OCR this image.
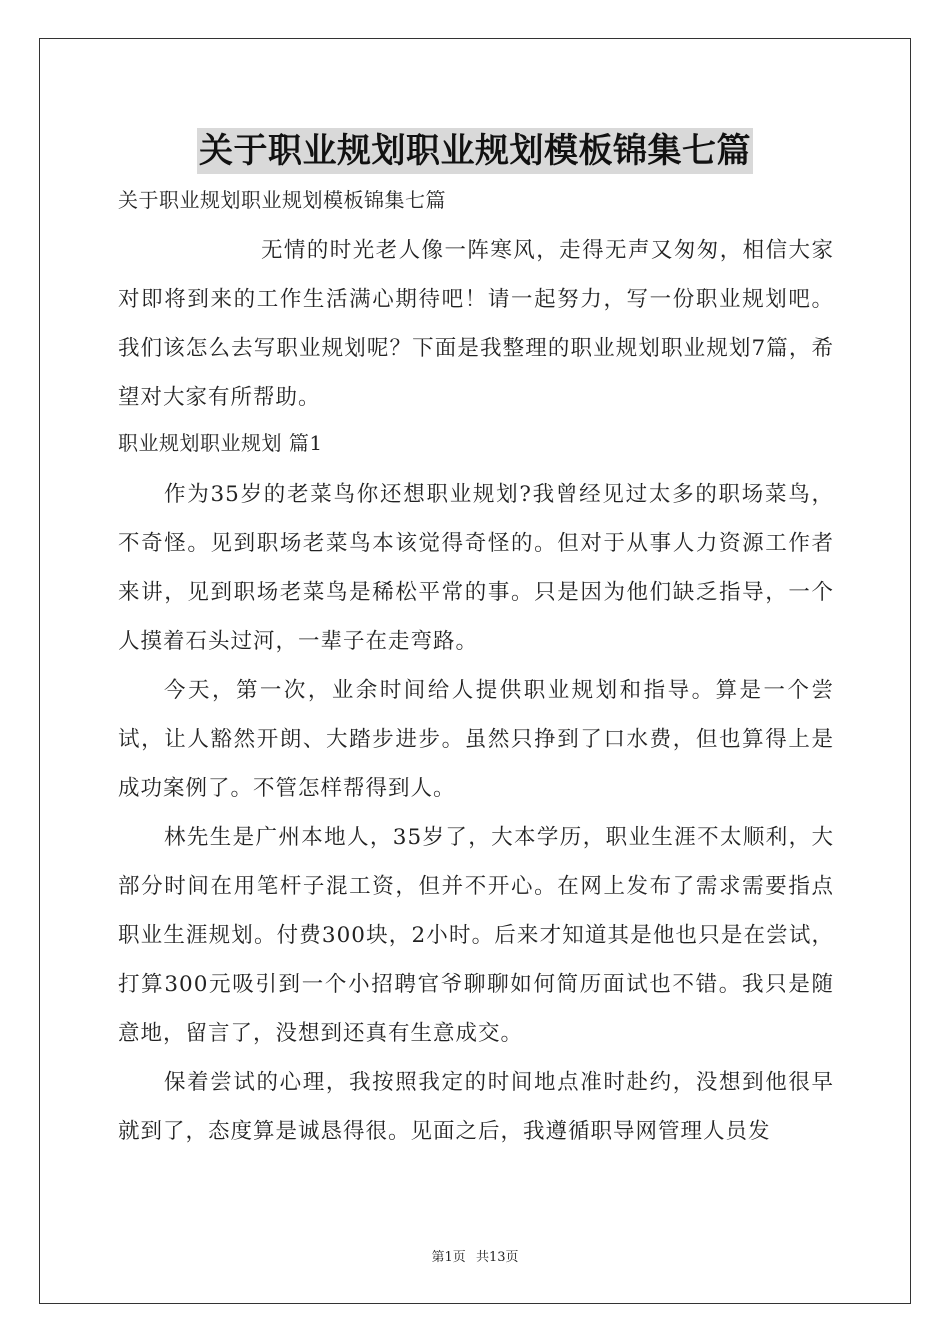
关于职业规划职业规划模板锦集七篇

关于职业规划职业规划模板锦集七篇

无情的时光老人像一阵寒风，走得无声又匆匆，相信大家对即将到来的工作生活满心期待吧！请一起努力，写一份职业规划吧。我们该怎么去写职业规划呢？下面是我整理的职业规划职业规划7篇，希望对大家有所帮助。

职业规划职业规划 篇1

作为35岁的老菜鸟你还想职业规划?我曾经见过太多的职场菜鸟，不奇怪。见到职场老菜鸟本该觉得奇怪的。但对于从事人力资源工作者来讲，见到职场老菜鸟是稀松平常的事。只是因为他们缺乏指导，一个人摸着石头过河，一辈子在走弯路。

今天，第一次，业余时间给人提供职业规划和指导。算是一个尝试，让人豁然开朗、大踏步进步。虽然只挣到了口水费，但也算得上是成功案例了。不管怎样帮得到人。

林先生是广州本地人，35岁了，大本学历，职业生涯不太顺利，大部分时间在用笔杆子混工资，但并不开心。在网上发布了需求需要指点职业生涯规划。付费300块，2小时。后来才知道其是他也只是在尝试，打算300元吸引到一个小招聘官爷聊聊如何简历面试也不错。我只是随意地，留言了，没想到还真有生意成交。

保着尝试的心理，我按照我定的时间地点准时赴约，没想到他很早就到了，态度算是诚恳得很。见面之后，我遵循职导网管理人员发

第1页 共13页
